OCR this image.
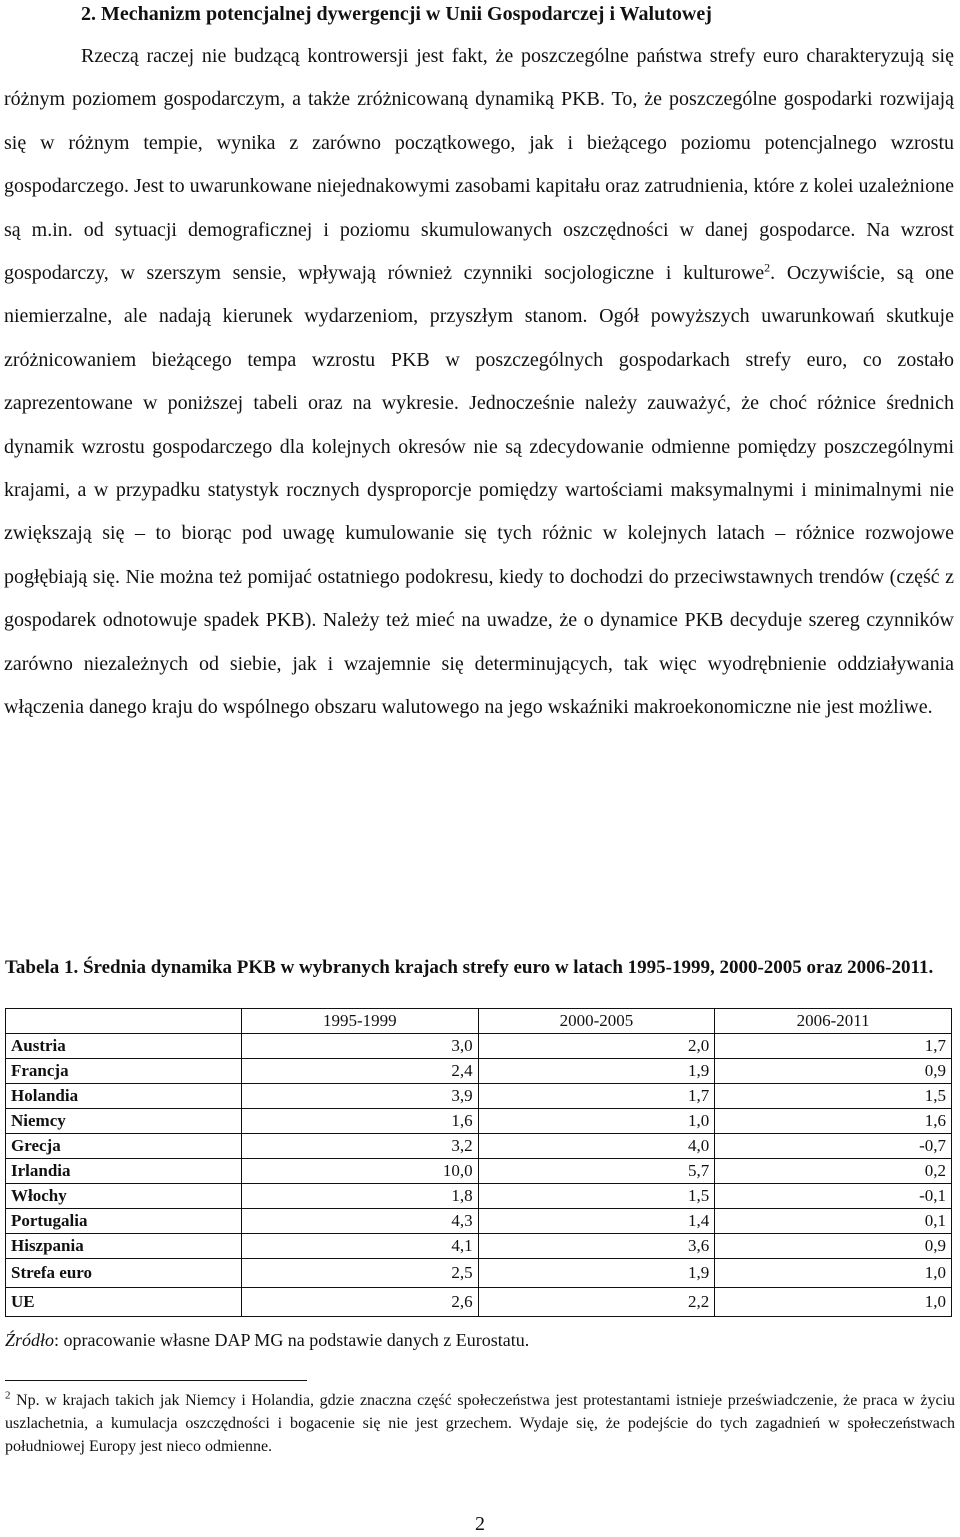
2. Mechanizm potencjalnej dywergencji w Unii Gospodarczej i Walutowej

Rzeczą raczej nie budzącą kontrowersji jest fakt, że poszczególne państwa strefy euro charakteryzują się różnym poziomem gospodarczym, a także zróżnicowaną dynamiką PKB. To, że poszczególne gospodarki rozwijają się w różnym tempie, wynika z zarówno początkowego, jak i bieżącego poziomu potencjalnego wzrostu gospodarczego. Jest to uwarunkowane niejednakowymi zasobami kapitału oraz zatrudnienia, które z kolei uzależnione są m.in. od sytuacji demograficznej i poziomu skumulowanych oszczędności w danej gospodarce. Na wzrost gospodarczy, w szerszym sensie, wpływają również czynniki socjologiczne i kulturowe$^2$. Oczywiście, są one niemierzalne, ale nadają kierunek wydarzeniom, przyszłym stanom. Ogół powyższych uwarunkowań skutkuje zróżnicowaniem bieżącego tempa wzrostu PKB w poszczególnych gospodarkach strefy euro, co zostało zaprezentowane w poniższej tabeli oraz na wykresie. Jednocześnie należy zauważyć, że choć różnice średnich dynamik wzrostu gospodarczego dla kolejnych okresów nie są zdecydowanie odmienne pomiędzy poszczególnymi krajami, a w przypadku statystyk rocznych dysproporcje pomiędzy wartościami maksymalnymi i minimalnymi nie zwiększają się – to biorąc pod uwagę kumulowanie się tych różnic w kolejnych latach – różnice rozwojowe pogłębiają się. Nie można też pomijać ostatniego podokresu, kiedy to dochodzi do przeciwstawnych trendów (część z gospodarek odnotowuje spadek PKB). Należy też mieć na uwadze, że o dynamice PKB decyduje szereg czynników zarówno niezależnych od siebie, jak i wzajemnie się determinujących, tak więc wyodrębnienie oddziaływania włączenia danego kraju do wspólnego obszaru walutowego na jego wskaźniki makroekonomiczne nie jest możliwe.

Tabela 1. Średnia dynamika PKB w wybranych krajach strefy euro w latach 1995-1999, 2000-2005 oraz 2006-2011.

	1995-1999	2000-2005	2006-2011
Austria	3,0	2,0	1,7
Francja	2,4	1,9	0,9
Holandia	3,9	1,7	1,5
Niemcy	1,6	1,0	1,6
Grecja	3,2	4,0	-0,7
Irlandia	10,0	5,7	0,2
Włochy	1,8	1,5	-0,1
Portugalia	4,3	1,4	0,1
Hiszpania	4,1	3,6	0,9
Strefa euro	2,5	1,9	1,0
UE	2,6	2,2	1,0
Źródło: opracowanie własne DAP MG na podstawie danych z Eurostatu.

$^2$ Np. w krajach takich jak Niemcy i Holandia, gdzie znaczna część społeczeństwa jest protestantami istnieje przeświadczenie, że praca w życiu uszlachetnia, a kumulacja oszczędności i bogacenie się nie jest grzechem. Wydaje się, że podejście do tych zagadnień w społeczeństwach południowej Europy jest nieco odmienne.

2
